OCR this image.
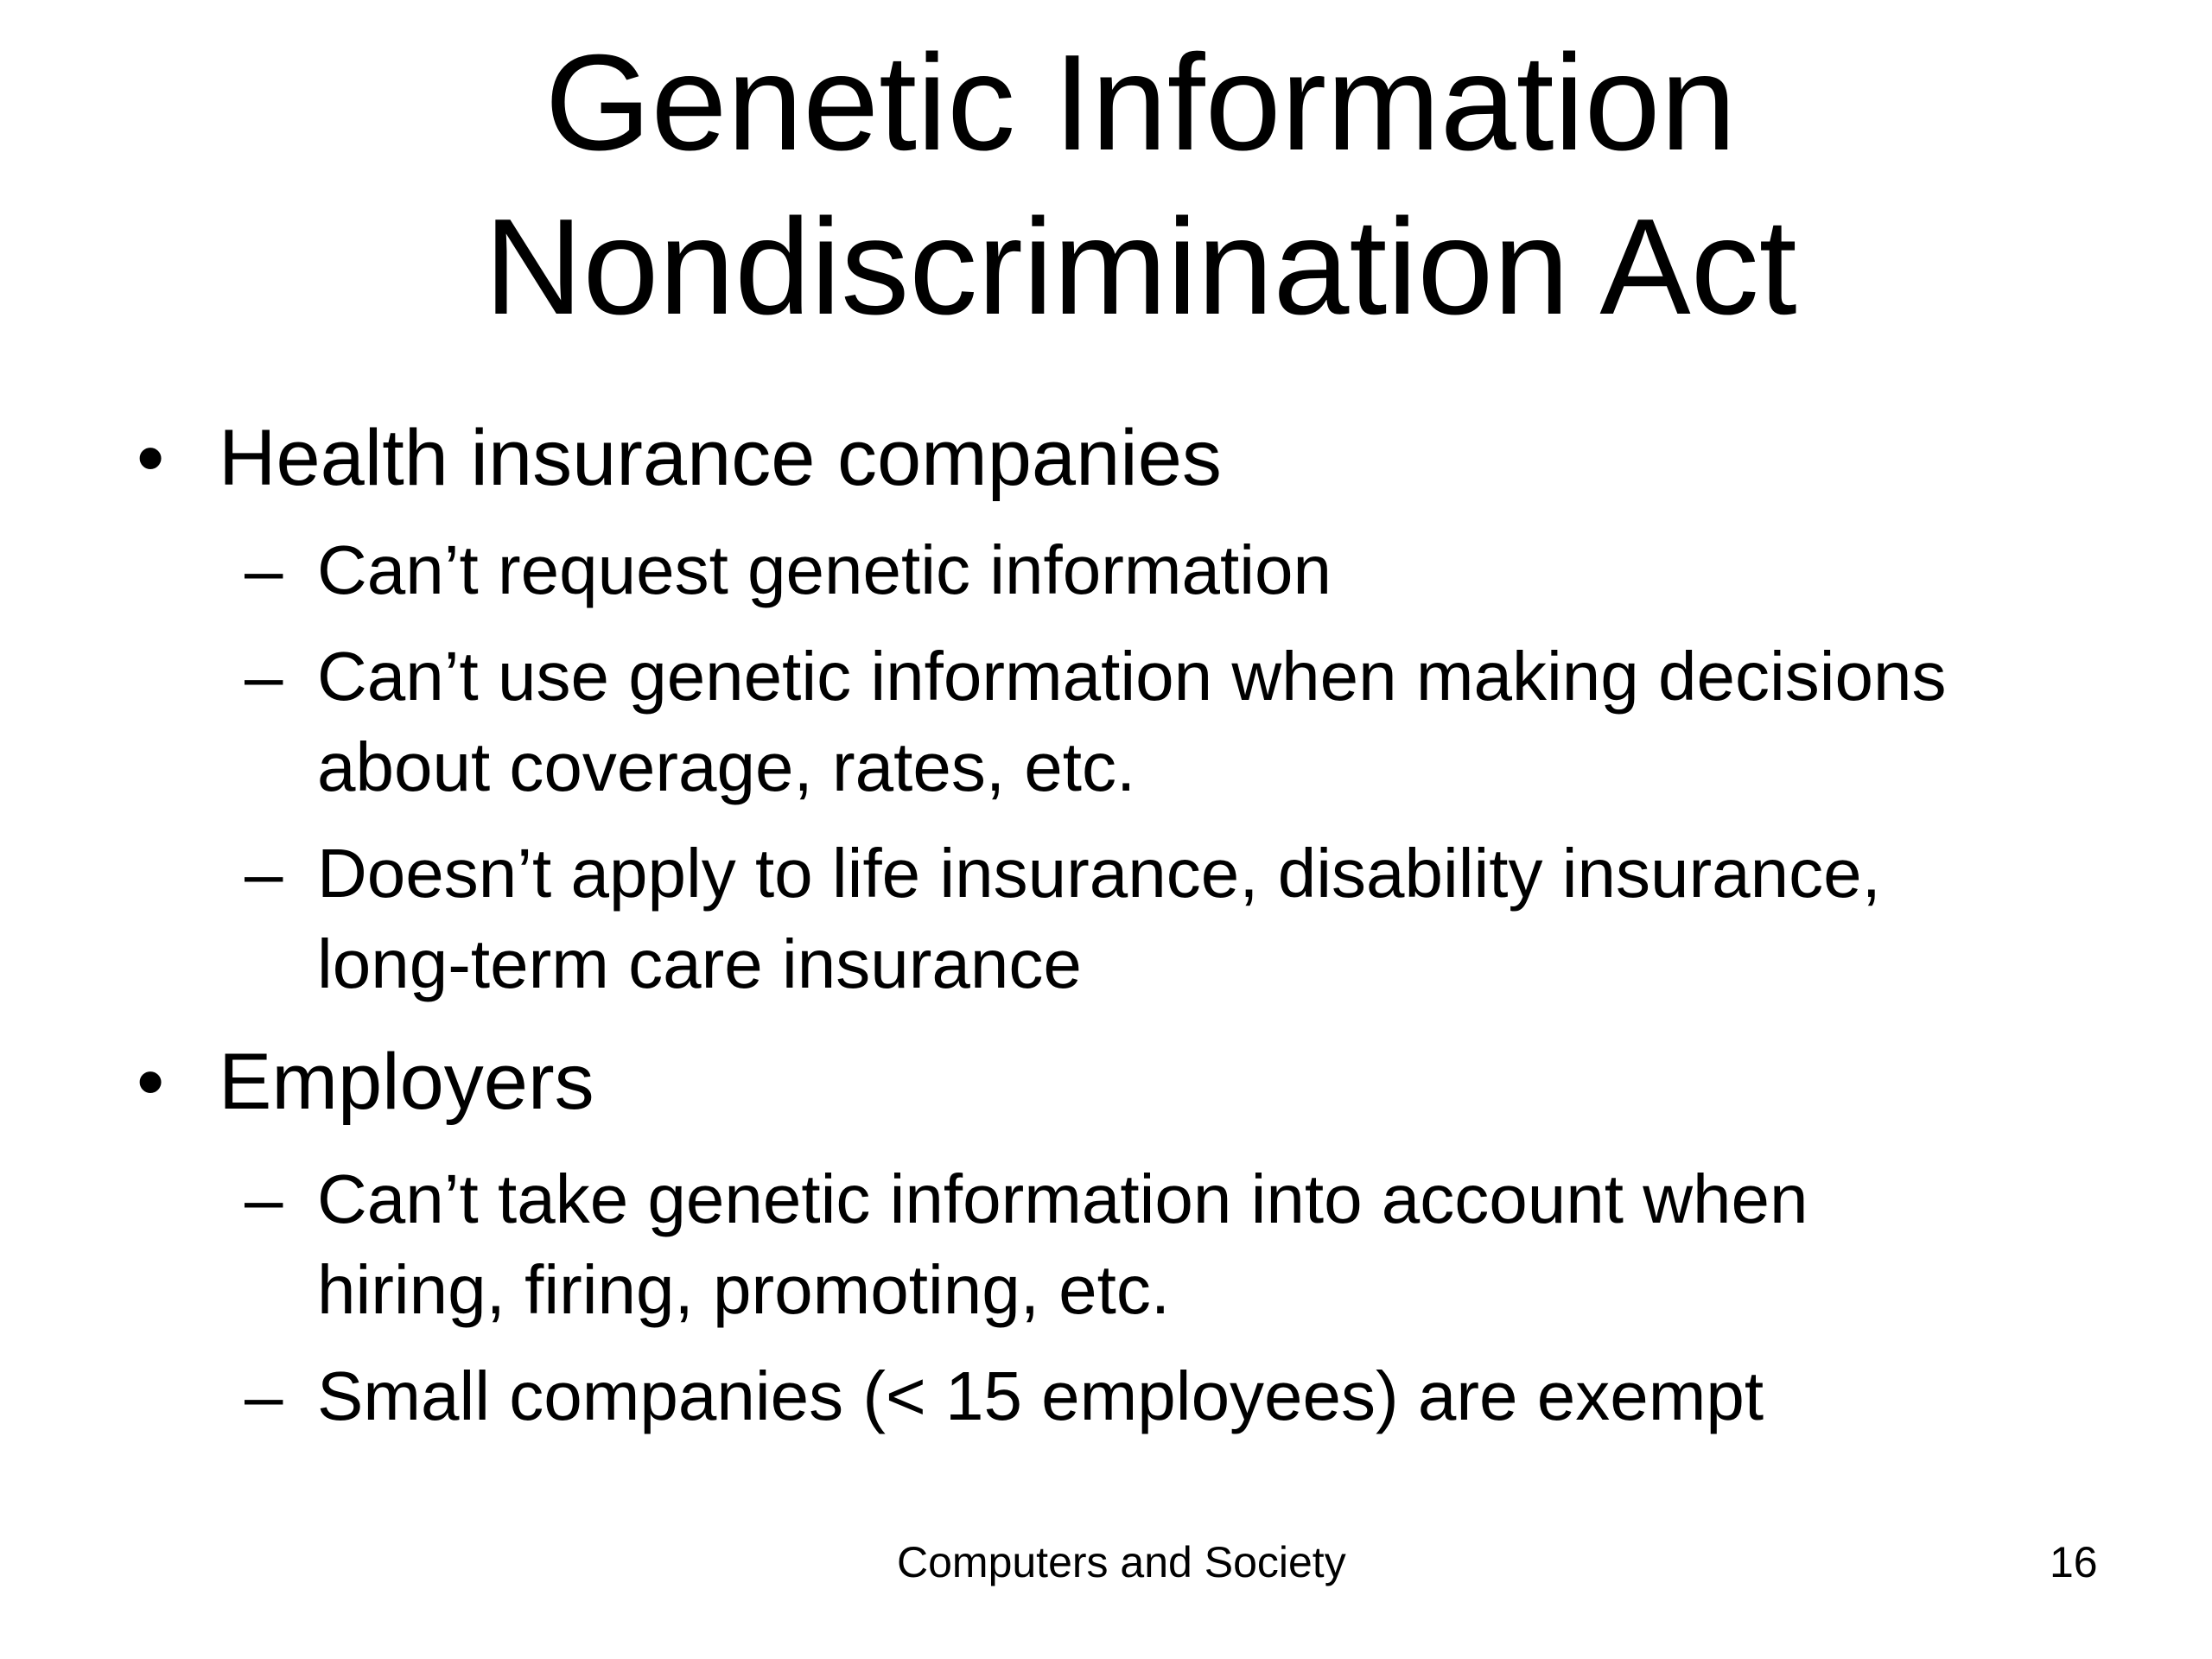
Genetic Information
Nondiscrimination Act
• Health insurance companies
– Can’t request genetic information
– Can’t use genetic information when making decisions
about coverage, rates, etc.
– Doesn’t apply to life insurance, disability insurance,
long-term care insurance
• Employers
– Can’t take genetic information into account when
hiring, firing, promoting, etc.
– Small companies (< 15 employees) are exempt
Computers and Society	16
